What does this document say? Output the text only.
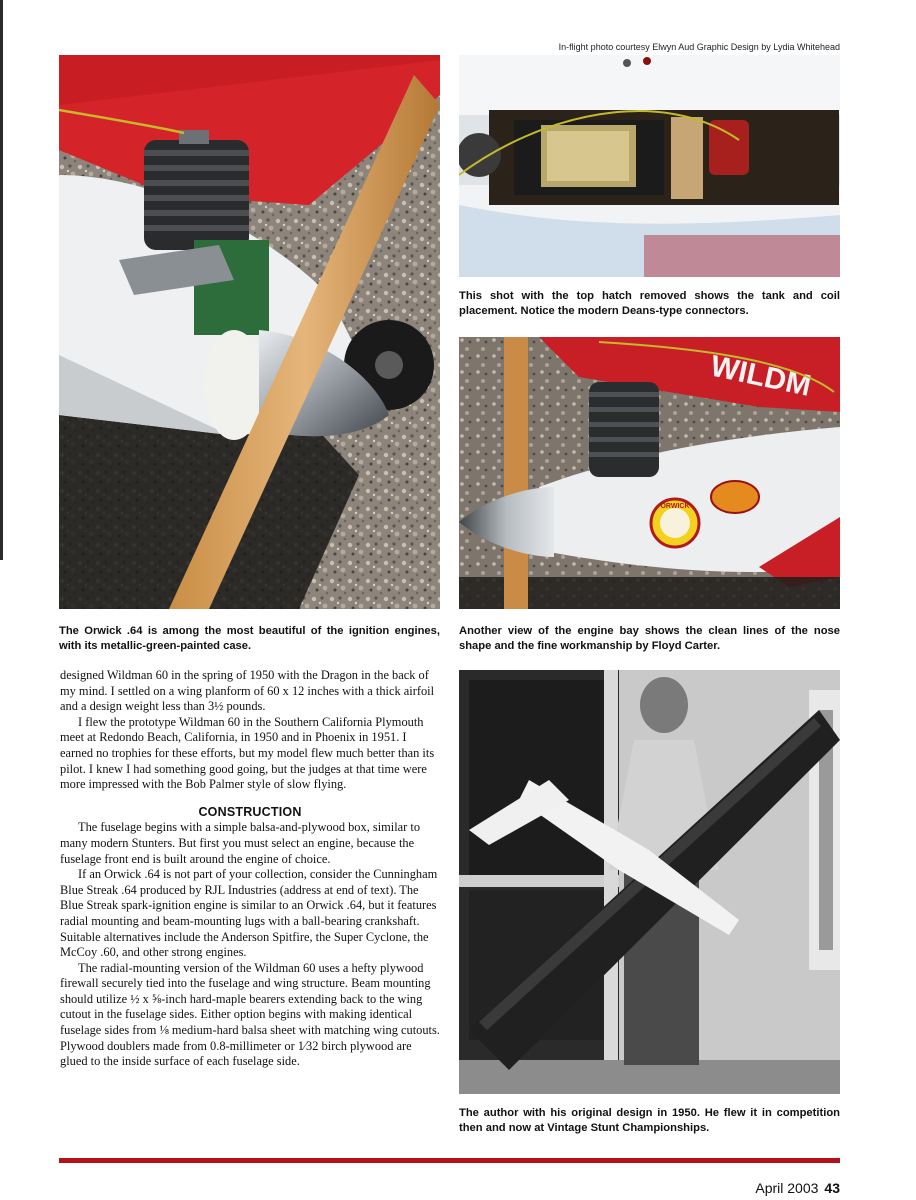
In-flight photo courtesy Elwyn Aud Graphic Design by Lydia Whitehead
This shot with the top hatch removed shows the tank and coil placement. Notice the modern Deans-type connectors.
WILDM
ORWICK
The Orwick .64 is among the most beautiful of the ignition engines, with its metallic-green-painted case.
Another view of the engine bay shows the clean lines of the nose shape and the fine workmanship by Floyd Carter.

designed Wildman 60 in the spring of 1950 with the Dragon in the back of my mind. I settled on a wing planform of 60 x 12 inches with a thick airfoil and a design weight less than 3½ pounds.

I flew the prototype Wildman 60 in the Southern California Plymouth meet at Redondo Beach, California, in 1950 and in Phoenix in 1951. I earned no trophies for these efforts, but my model flew much better than its pilot. I knew I had something good going, but the judges at that time were more impressed with the Bob Palmer style of slow flying.

CONSTRUCTION

The fuselage begins with a simple balsa-and-plywood box, similar to many modern Stunters. But first you must select an engine, because the fuselage front end is built around the engine of choice.

If an Orwick .64 is not part of your collection, consider the Cunningham Blue Streak .64 produced by RJL Industries (address at end of text). The Blue Streak spark-ignition engine is similar to an Orwick .64, but it features radial mounting and beam-mounting lugs with a ball-bearing crankshaft. Suitable alternatives include the Anderson Spitfire, the Super Cyclone, the McCoy .60, and other strong engines.

The radial-mounting version of the Wildman 60 uses a hefty plywood firewall securely tied into the fuselage and wing structure. Beam mounting should utilize ½ x ⅝-inch hard-maple bearers extending back to the wing cutout in the fuselage sides. Either option begins with making identical fuselage sides from ⅛ medium-hard balsa sheet with matching wing cutouts. Plywood doublers made from 0.8-millimeter or 1⁄32 birch plywood are glued to the inside surface of each fuselage side.

The author with his original design in 1950. He flew it in competition then and now at Vintage Stunt Championships.
April 2003 43
